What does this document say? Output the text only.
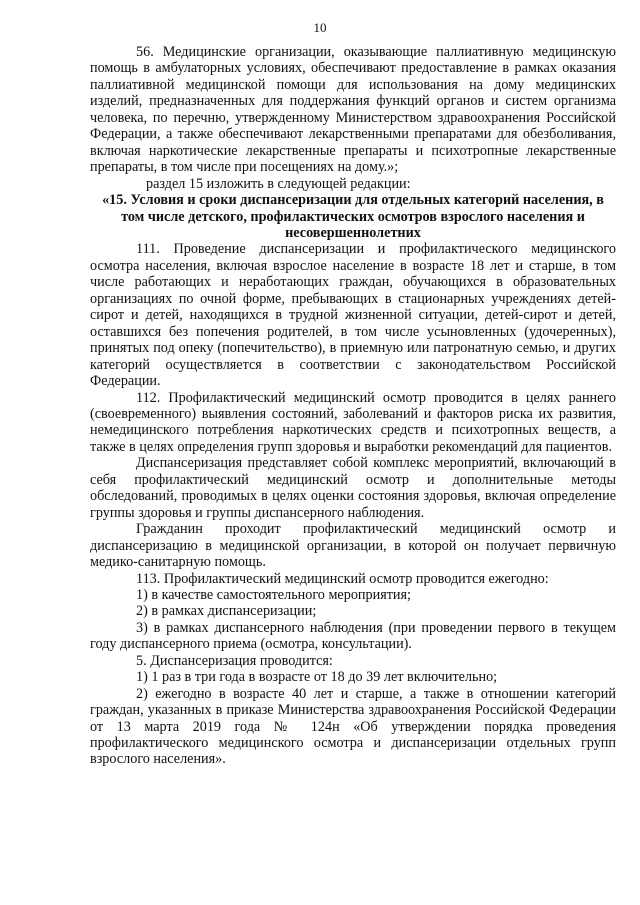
10

56. Медицинские организации, оказывающие паллиативную медицинскую помощь в амбулаторных условиях, обеспечивают предоставление в рамках оказания паллиативной медицинской помощи для использования на дому медицинских изделий, предназначенных для поддержания функций органов и систем организма человека, по перечню, утвержденному Министерством здравоохранения Российской Федерации, а также обеспечивают лекарственными препаратами для обезболивания, включая наркотические лекарственные препараты и психотропные лекарственные препараты, в том числе при посещениях на дому.»;

раздел 15 изложить в следующей редакции:

«15. Условия и сроки диспансеризации для отдельных категорий населения, в том числе детского, профилактических осмотров взрослого населения и несовершеннолетних

111. Проведение диспансеризации и профилактического медицинского осмотра населения, включая взрослое население в возрасте 18 лет и старше, в том числе работающих и неработающих граждан, обучающихся в образовательных организациях по очной форме, пребывающих в стационарных учреждениях детей-сирот и детей, находящихся в трудной жизненной ситуации, детей-сирот и детей, оставшихся без попечения родителей, в том числе усыновленных (удочеренных), принятых под опеку (попечительство), в приемную или патронатную семью, и других категорий осуществляется в соответствии с законодательством Российской Федерации.

112. Профилактический медицинский осмотр проводится в целях раннего (своевременного) выявления состояний, заболеваний и факторов риска их развития, немедицинского потребления наркотических средств и психотропных веществ, а также в целях определения групп здоровья и выработки рекомендаций для пациентов.

Диспансеризация представляет собой комплекс мероприятий, включающий в себя профилактический медицинский осмотр и дополнительные методы обследований, проводимых в целях оценки состояния здоровья, включая определение группы здоровья и группы диспансерного наблюдения.

Гражданин проходит профилактический медицинский осмотр и диспансеризацию в медицинской организации, в которой он получает первичную медико-санитарную помощь.

113. Профилактический медицинский осмотр проводится ежегодно:

1) в качестве самостоятельного мероприятия;

2) в рамках диспансеризации;

3) в рамках диспансерного наблюдения (при проведении первого в текущем году диспансерного приема (осмотра, консультации).

5. Диспансеризация проводится:

1) 1 раз в три года в возрасте от 18 до 39 лет включительно;

2) ежегодно в возрасте 40 лет и старше, а также в отношении категорий граждан, указанных в приказе Министерства здравоохранения Российской Федерации от 13 марта 2019 года № 124н «Об утверждении порядка проведения профилактического медицинского осмотра и диспансеризации отдельных групп взрослого населения».
